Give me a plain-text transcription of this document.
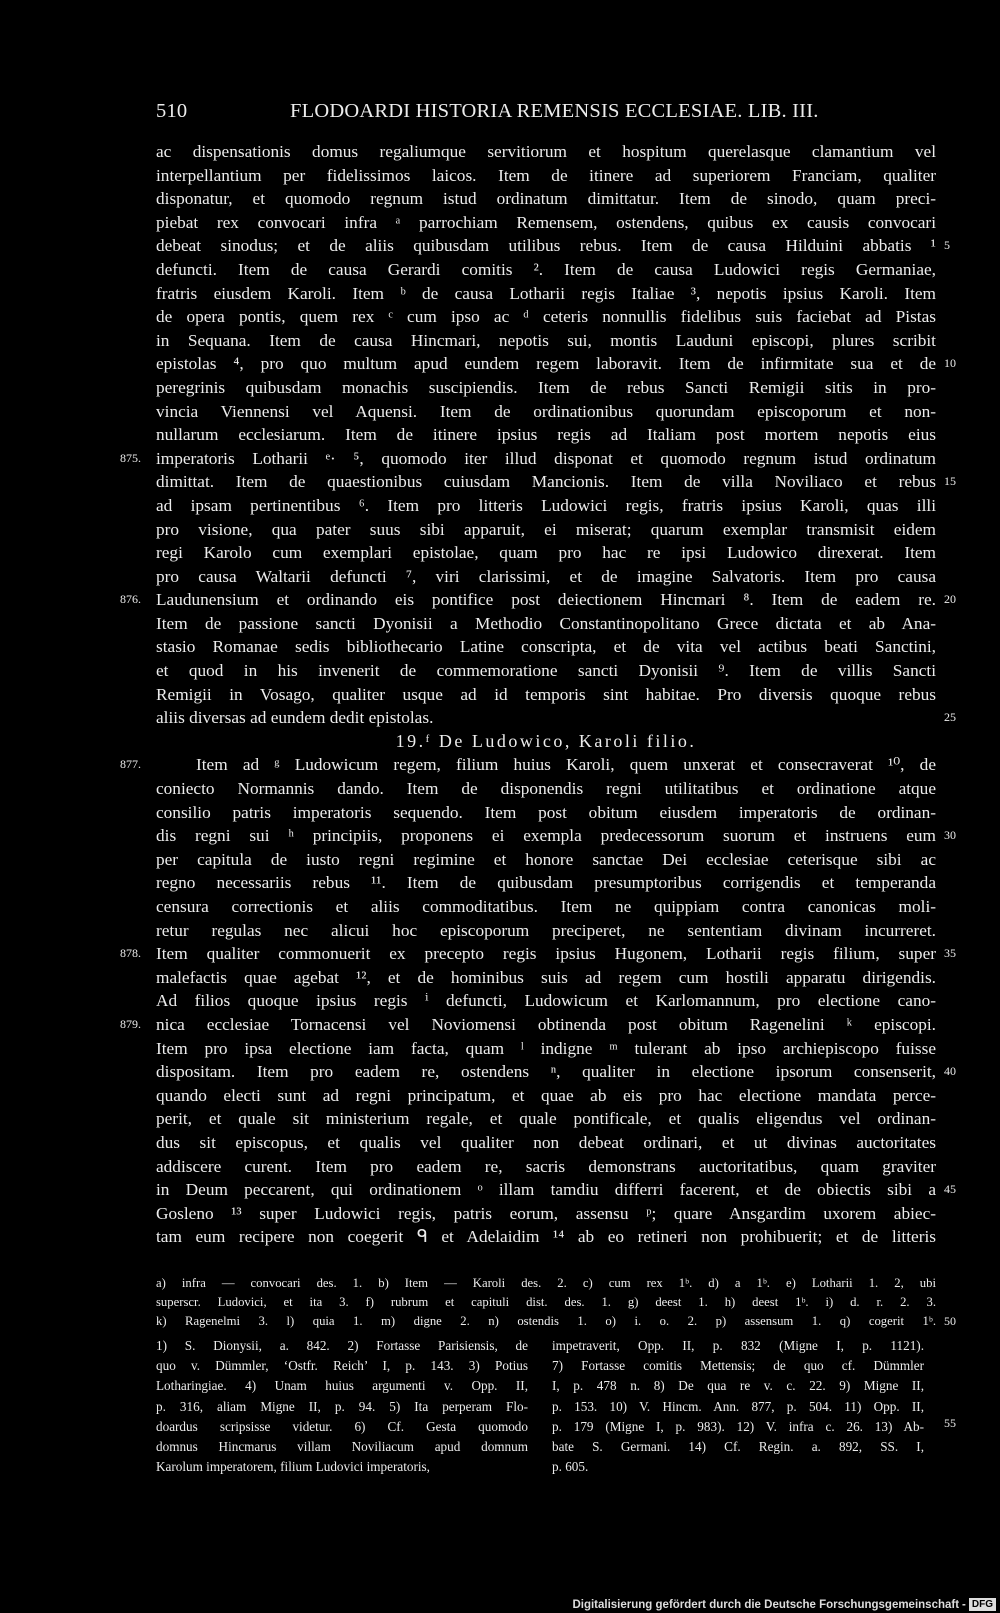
510	FLODOARDI HISTORIA REMENSIS ECCLESIAE. LIB. III.
ac dispensationis domus regaliumque servitiorum et hospitum querelasque clamantium vel
interpellantium per fidelissimos laicos. Item de itinere ad superiorem Franciam, qualiter
disponatur, et quomodo regnum istud ordinatum dimittatur. Item de sinodo, quam preci-
piebat rex convocari infra ᵃ parrochiam Remensem, ostendens, quibus ex causis convocari
debeat sinodus; et de aliis quibusdam utilibus rebus. Item de causa Hilduini abbatis ¹ 5
defuncti. Item de causa Gerardi comitis ². Item de causa Ludowici regis Germaniae,
fratris eiusdem Karoli. Item ᵇ de causa Lotharii regis Italiae ³, nepotis ipsius Karoli. Item
de opera pontis, quem rex ᶜ cum ipso ac ᵈ ceteris nonnullis fidelibus suis faciebat ad Pistas
in Sequana. Item de causa Hincmari, nepotis sui, montis Lauduni episcopi, plures scribit
epistolas ⁴, pro quo multum apud eundem regem laboravit. Item de infirmitate sua et de 10
peregrinis quibusdam monachis suscipiendis. Item de rebus Sancti Remigii sitis in pro-
vincia Viennensi vel Aquensi. Item de ordinationibus quorundam episcoporum et non-
nullarum ecclesiarum. Item de itinere ipsius regis ad Italiam post mortem nepotis eius
875. imperatoris Lotharii ᵉ· ⁵, quomodo iter illud disponat et quomodo regnum istud ordinatum
dimittat. Item de quaestionibus cuiusdam Mancionis. Item de villa Noviliaco et rebus 15
ad ipsam pertinentibus ⁶. Item pro litteris Ludowici regis, fratris ipsius Karoli, quas illi
pro visione, qua pater suus sibi apparuit, ei miserat; quarum exemplar transmisit eidem
regi Karolo cum exemplari epistolae, quam pro hac re ipsi Ludowico direxerat. Item
pro causa Waltarii defuncti ⁷, viri clarissimi, et de imagine Salvatoris. Item pro causa
876. Laudunensium et ordinando eis pontifice post deiectionem Hincmari ⁸. Item de eadem re. 20
Item de passione sancti Dyonisii a Methodio Constantinopolitano Grece dictata et ab Ana-
stasio Romanae sedis bibliothecario Latine conscripta, et de vita vel actibus beati Sanctini,
et quod in his invenerit de commemoratione sancti Dyonisii ⁹. Item de villis Sancti
Remigii in Vosago, qualiter usque ad id temporis sint habitae. Pro diversis quoque rebus
aliis diversas ad eundem dedit epistolas.	25
19.ᶠ De Ludowico, Karoli filio.
877.	Item ad ᵍ Ludowicum regem, filium huius Karoli, quem unxerat et consecraverat ¹⁰, de
coniecto Normannis dando. Item de disponendis regni utilitatibus et ordinatione atque
consilio patris imperatoris sequendo. Item post obitum eiusdem imperatoris de ordinan-
dis regni sui ʰ principiis, proponens ei exempla predecessorum suorum et instruens eum 30
per capitula de iusto regni regimine et honore sanctae Dei ecclesiae ceterisque sibi ac
regno necessariis rebus ¹¹. Item de quibusdam presumptoribus corrigendis et temperanda
censura correctionis et aliis commoditatibus. Item ne quippiam contra canonicas moli-
retur regulas nec alicui hoc episcoporum preciperet, ne sententiam divinam incurreret.
878. Item qualiter commonuerit ex precepto regis ipsius Hugonem, Lotharii regis filium, super 35
malefactis quae agebat ¹², et de hominibus suis ad regem cum hostili apparatu dirigendis.
Ad filios quoque ipsius regis ⁱ defuncti, Ludowicum et Karlomannum, pro electione cano-
879. nica ecclesiae Tornacensi vel Noviomensi obtinenda post obitum Ragenelini ᵏ episcopi.
Item pro ipsa electione iam facta, quam ˡ indigne ᵐ tulerant ab ipso archiepiscopo fuisse
dispositam. Item pro eadem re, ostendens ⁿ, qualiter in electione ipsorum consenserit, 40
quando electi sunt ad regni principatum, et quae ab eis pro hac electione mandata perce-
perit, et quale sit ministerium regale, et quale pontificale, et qualis eligendus vel ordinan-
dus sit episcopus, et qualis vel qualiter non debeat ordinari, et ut divinas auctoritates
addiscere curent. Item pro eadem re, sacris demonstrans auctoritatibus, quam graviter
in Deum peccarent, qui ordinationem ᵒ illam tamdiu differri facerent, et de obiectis sibi a 45
Gosleno ¹³ super Ludowici regis, patris eorum, assensu ᵖ; quare Ansgardim uxorem abiec-
tam eum recipere non coegerit ᑫ et Adelaidim ¹⁴ ab eo retineri non prohibuerit; et de litteris
a) infra — convocari des. 1. b) Item — Karoli des. 2. c) cum rex 1ᵇ. d) a 1ᵇ. e) Lotharii 1. 2, ubi
superscr. Ludovici, et ita 3. f) rubrum et capituli dist. des. 1. g) deest 1. h) deest 1ᵇ. i) d. r. 2. 3.
k) Ragenelmi 3. l) quia 1. m) digne 2. n) ostendis 1. o) i. o. 2. p) assensum 1. q) cogerit 1ᵇ. 50
1) S. Dionysii, a. 842. 2) Fortasse Parisiensis, de
quo v. Dümmler, ‘Ostfr. Reich’ I, p. 143. 3) Potius
Lotharingiae. 4) Unam huius argumenti v. Opp. II,
p. 316, aliam Migne II, p. 94. 5) Ita perperam Flo-
doardus scripsisse videtur. 6) Cf. Gesta quomodo
domnus Hincmarus villam Noviliacum apud domnum
Karolum imperatorem, filium Ludovici imperatoris,
impetraverit, Opp. II, p. 832 (Migne I, p. 1121).
7) Fortasse comitis Mettensis; de quo cf. Dümmler
I, p. 478 n. 8) De qua re v. c. 22. 9) Migne II,
p. 153. 10) V. Hincm. Ann. 877, p. 504. 11) Opp. II,
p. 179 (Migne I, p. 983). 12) V. infra c. 26. 13) Ab-
bate S. Germani. 14) Cf. Regin. a. 892, SS. I,
p. 605.
55
Digitalisierung gefördert durch die Deutsche Forschungsgemeinschaft - DFG
